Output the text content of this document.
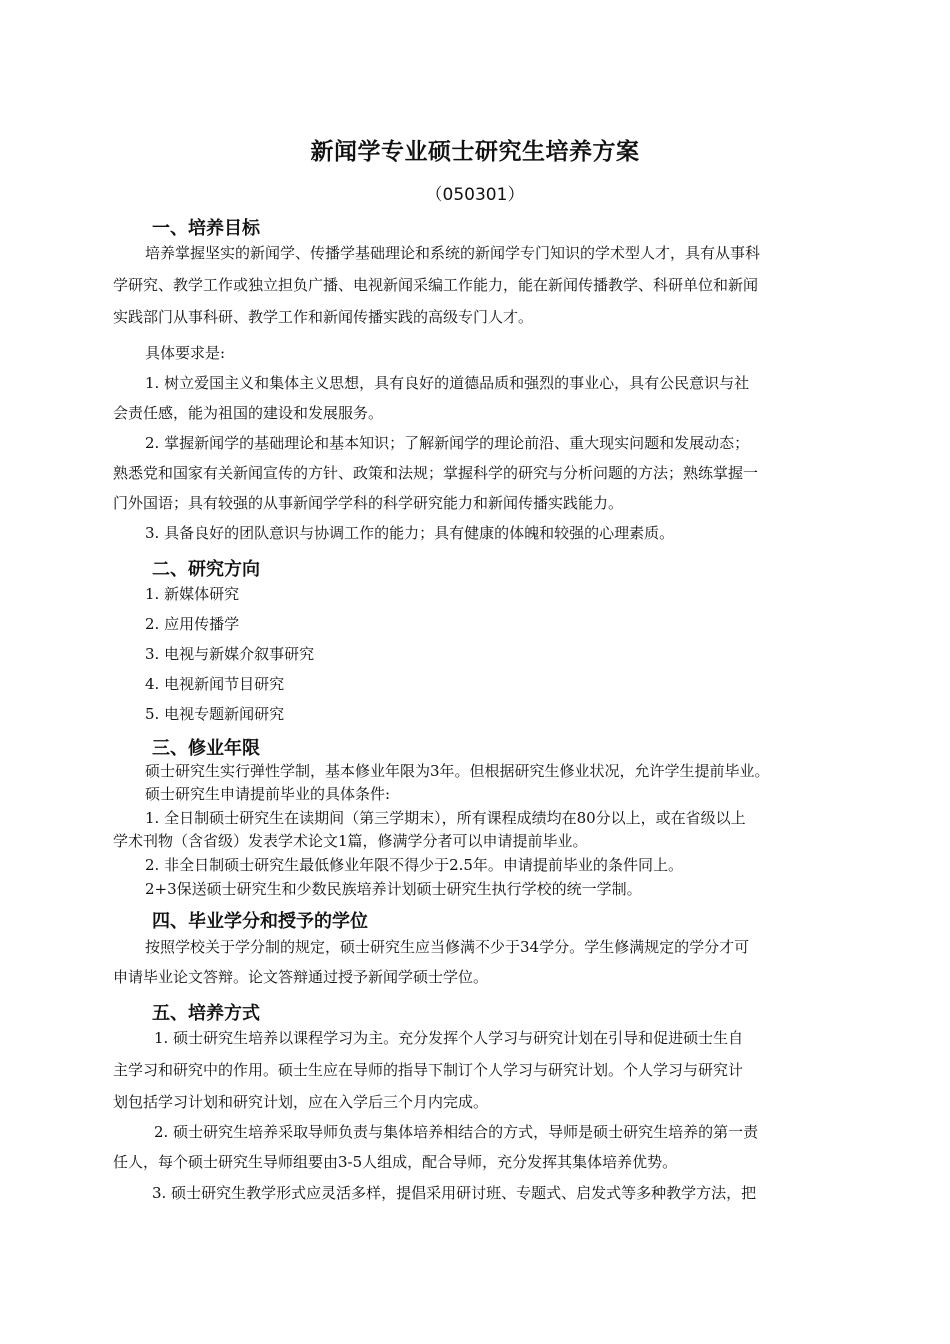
新闻学专业硕士研究生培养方案
（050301）
一、培养目标
培养掌握坚实的新闻学、传播学基础理论和系统的新闻学专门知识的学术型人才，具有从事科
学研究、教学工作或独立担负广播、电视新闻采编工作能力，能在新闻传播教学、科研单位和新闻
实践部门从事科研、教学工作和新闻传播实践的高级专门人才。
具体要求是:
1. 树立爱国主义和集体主义思想，具有良好的道德品质和强烈的事业心，具有公民意识与社
会责任感，能为祖国的建设和发展服务。
2. 掌握新闻学的基础理论和基本知识；了解新闻学的理论前沿、重大现实问题和发展动态；
熟悉党和国家有关新闻宣传的方针、政策和法规；掌握科学的研究与分析问题的方法；熟练掌握一
门外国语；具有较强的从事新闻学学科的科学研究能力和新闻传播实践能力。
3. 具备良好的团队意识与协调工作的能力；具有健康的体魄和较强的心理素质。
二、研究方向
1. 新媒体研究
2. 应用传播学
3. 电视与新媒介叙事研究
4. 电视新闻节目研究
5. 电视专题新闻研究
三、修业年限
硕士研究生实行弹性学制，基本修业年限为3年。但根据研究生修业状况，允许学生提前毕业。
硕士研究生申请提前毕业的具体条件:
1. 全日制硕士研究生在读期间（第三学期末），所有课程成绩均在80分以上，或在省级以上
学术刊物（含省级）发表学术论文1篇，修满学分者可以申请提前毕业。
2. 非全日制硕士研究生最低修业年限不得少于2.5年。申请提前毕业的条件同上。
2+3保送硕士研究生和少数民族培养计划硕士研究生执行学校的统一学制。
四、毕业学分和授予的学位
按照学校关于学分制的规定，硕士研究生应当修满不少于34学分。学生修满规定的学分才可
申请毕业论文答辩。论文答辩通过授予新闻学硕士学位。
五、培养方式
1. 硕士研究生培养以课程学习为主。充分发挥个人学习与研究计划在引导和促进硕士生自
主学习和研究中的作用。硕士生应在导师的指导下制订个人学习与研究计划。个人学习与研究计
划包括学习计划和研究计划，应在入学后三个月内完成。
2. 硕士研究生培养采取导师负责与集体培养相结合的方式，导师是硕士研究生培养的第一责
任人，每个硕士研究生导师组要由3-5人组成，配合导师，充分发挥其集体培养优势。
3. 硕士研究生教学形式应灵活多样，提倡采用研讨班、专题式、启发式等多种教学方法，把
